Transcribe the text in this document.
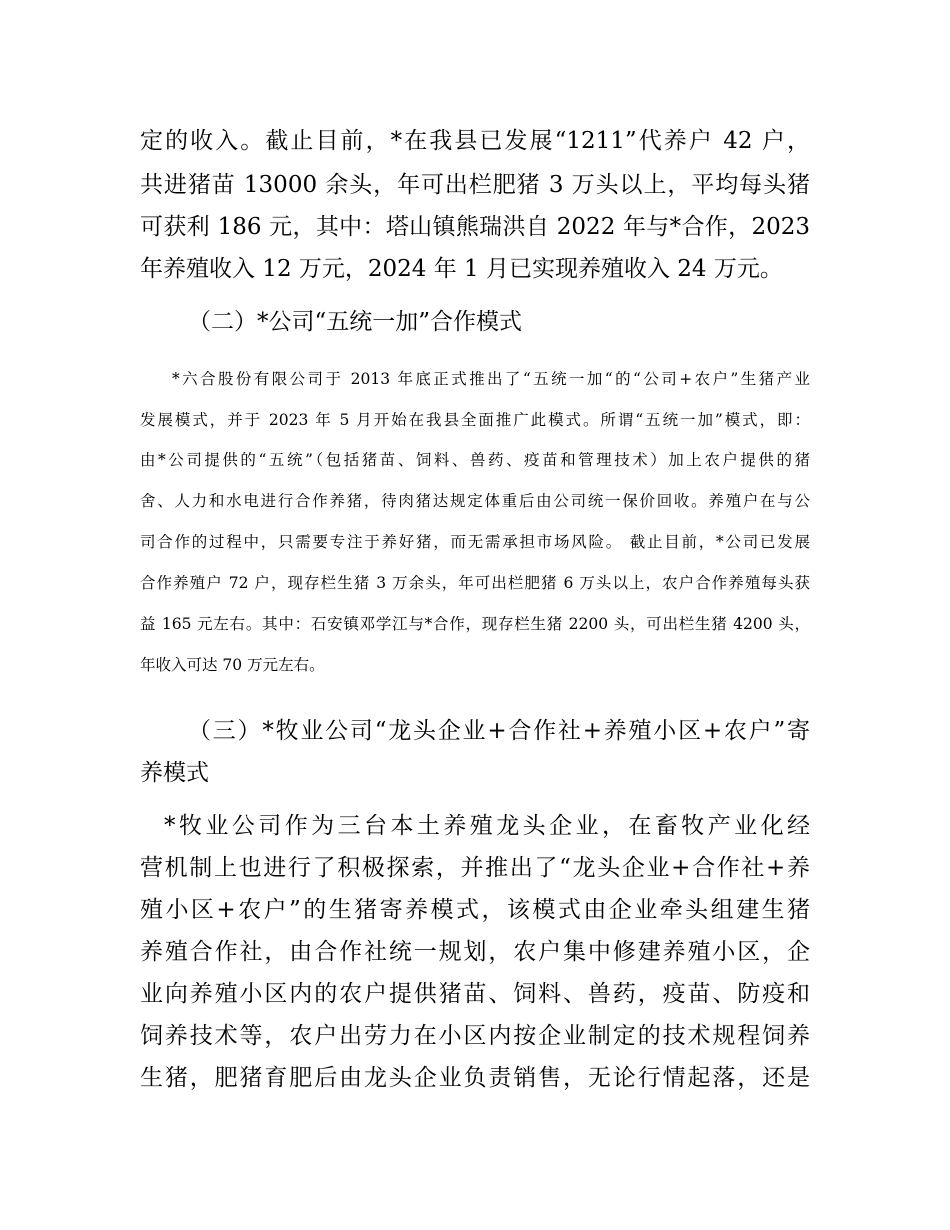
定的收入。截止目前，*在我县已发展“1211”代养户 42 户，
共进猪苗 13000 余头，年可出栏肥猪 3 万头以上，平均每头猪
可获利 186 元，其中：塔山镇熊瑞洪自 2022 年与*合作，2023
年养殖收入 12 万元，2024 年 1 月已实现养殖收入 24 万元。
（二）*公司“五统一加”合作模式
*六合股份有限公司于 2013 年底正式推出了“五统一加“的“公司+农户”生猪产业
发展模式，并于 2023 年 5 月开始在我县全面推广此模式。所谓“五统一加”模式，即：
由*公司提供的“五统”（包括猪苗、饲料、兽药、疫苗和管理技术）加上农户提供的猪
舍、人力和水电进行合作养猪，待肉猪达规定体重后由公司统一保价回收。养殖户在与公
司合作的过程中，只需要专注于养好猪，而无需承担市场风险。 截止目前，*公司已发展
合作养殖户 72 户，现存栏生猪 3 万余头，年可出栏肥猪 6 万头以上，农户合作养殖每头获
益 165 元左右。其中：石安镇邓学江与*合作，现存栏生猪 2200 头，可出栏生猪 4200 头，
年收入可达 70 万元左右。
（三）*牧业公司“龙头企业+合作社+养殖小区+农户”寄
养模式
*牧业公司作为三台本土养殖龙头企业，在畜牧产业化经
营机制上也进行了积极探索，并推出了“龙头企业+合作社+养
殖小区+农户”的生猪寄养模式，该模式由企业牵头组建生猪
养殖合作社，由合作社统一规划，农户集中修建养殖小区，企
业向养殖小区内的农户提供猪苗、饲料、兽药，疫苗、防疫和
饲养技术等，农户出劳力在小区内按企业制定的技术规程饲养
生猪，肥猪育肥后由龙头企业负责销售，无论行情起落，还是
